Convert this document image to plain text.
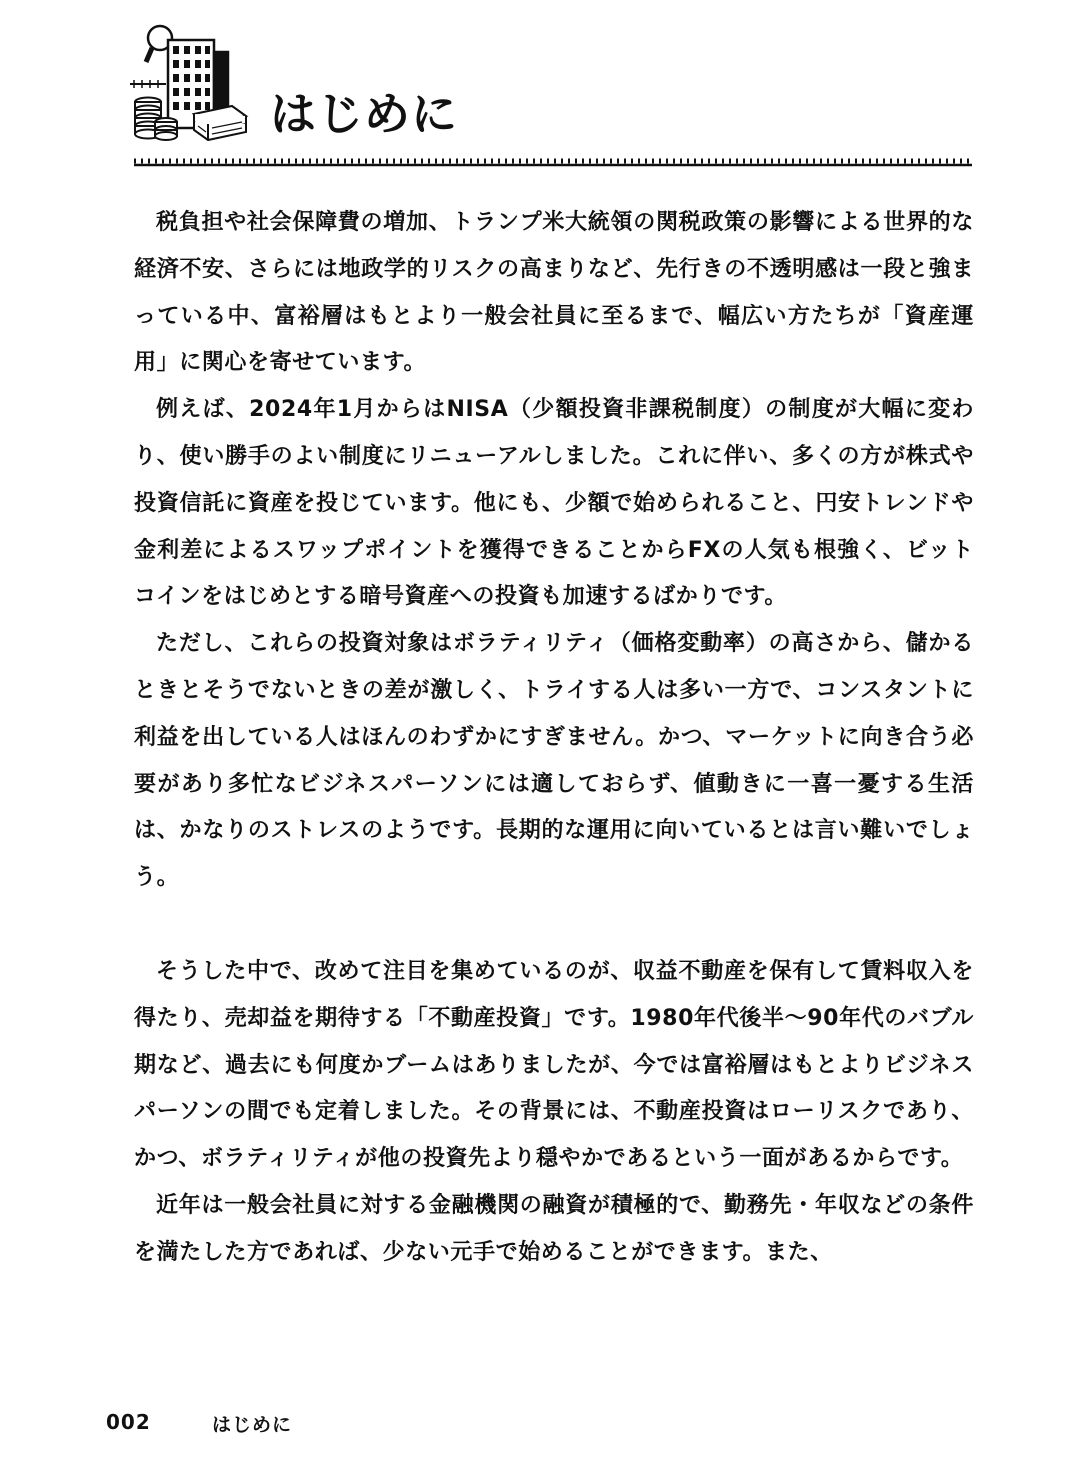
はじめに

税負担や社会保障費の増加、トランプ米大統領の関税政策の影響による世界的な経済不安、さらには地政学的リスクの高まりなど、先行きの不透明感は一段と強まっている中、富裕層はもとより一般会社員に至るまで、幅広い方たちが「資産運用」に関心を寄せています。

例えば、2024年1月からはNISA（少額投資非課税制度）の制度が大幅に変わり、使い勝手のよい制度にリニューアルしました。これに伴い、多くの方が株式や投資信託に資産を投じています。他にも、少額で始められること、円安トレンドや金利差によるスワップポイントを獲得できることからFXの人気も根強く、ビットコインをはじめとする暗号資産への投資も加速するばかりです。

ただし、これらの投資対象はボラティリティ（価格変動率）の高さから、儲かるときとそうでないときの差が激しく、トライする人は多い一方で、コンスタントに利益を出している人はほんのわずかにすぎません。かつ、マーケットに向き合う必要があり多忙なビジネスパーソンには適しておらず、値動きに一喜一憂する生活は、かなりのストレスのようです。長期的な運用に向いているとは言い難いでしょう。

そうした中で、改めて注目を集めているのが、収益不動産を保有して賃料収入を得たり、売却益を期待する「不動産投資」です。1980年代後半～90年代のバブル期など、過去にも何度かブームはありましたが、今では富裕層はもとよりビジネスパーソンの間でも定着しました。その背景には、不動産投資はローリスクであり、かつ、ボラティリティが他の投資先より穏やかであるという一面があるからです。

近年は一般会社員に対する金融機関の融資が積極的で、勤務先・年収などの条件を満たした方であれば、少ない元手で始めることができます。また、

002	はじめに
